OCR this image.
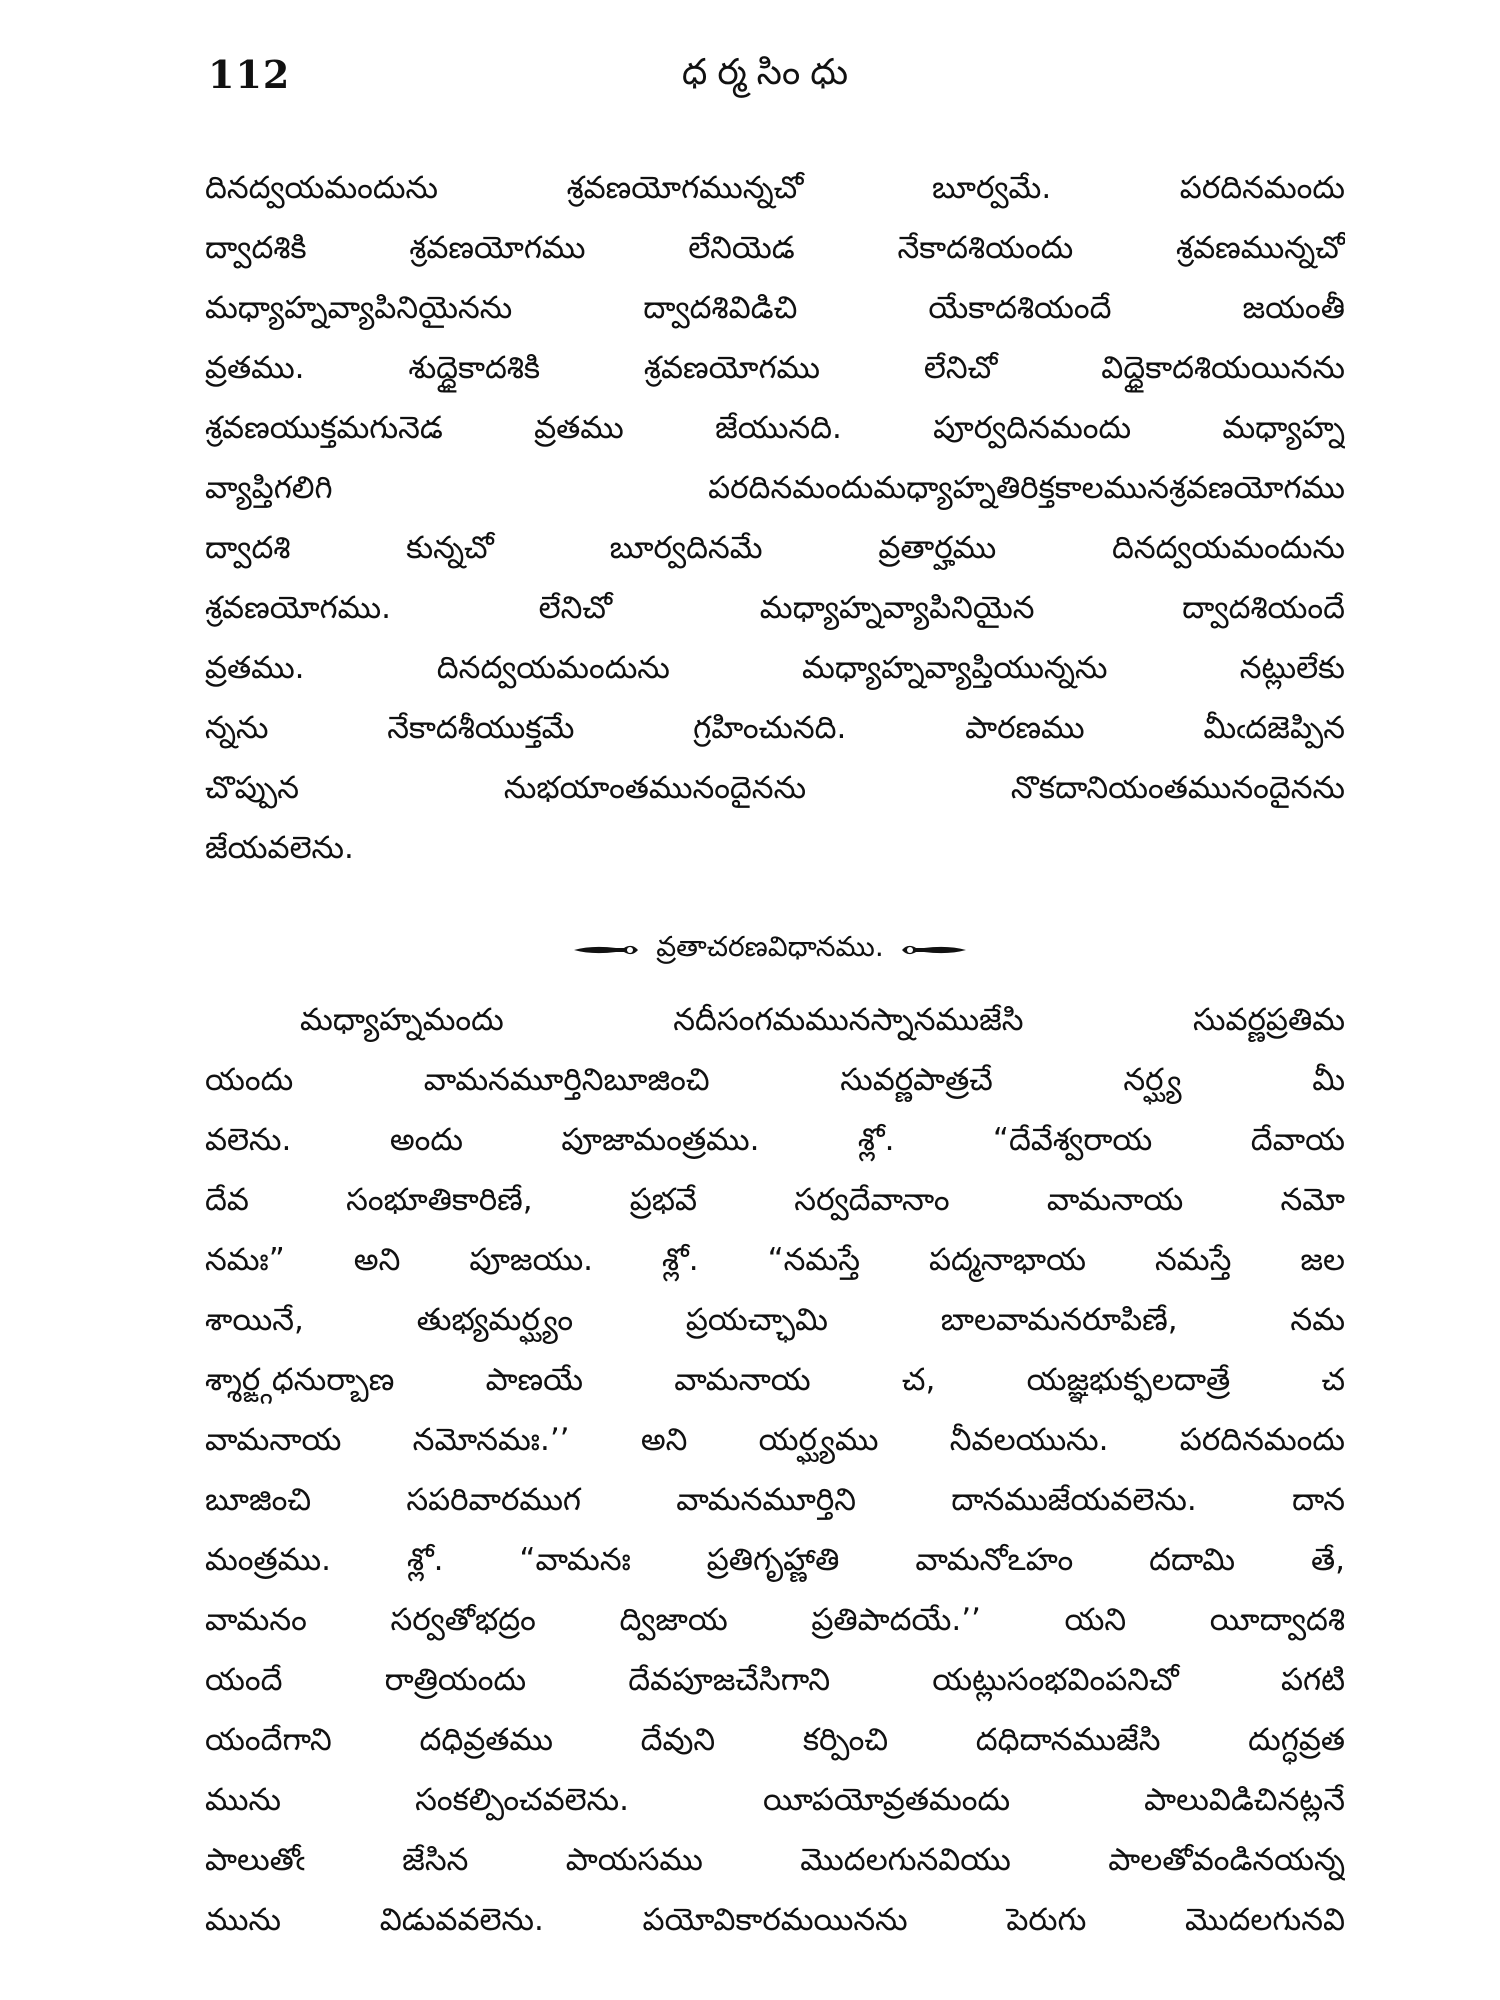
112	ధర్మసింధు
దినద్వయమందును శ్రవణయోగమున్నచో బూర్వమే. పరదినమందు
ద్వాదశికి శ్రవణయోగము లేనియెడ నేకాదశియందు శ్రవణమున్నచో
మధ్యాహ్నవ్యాపినియైనను ద్వాదశివిడిచి యేకాదశియందే జయంతీ
వ్రతము. శుద్ధైకాదశికి శ్రవణయోగము లేనిచో విద్ధైకాదశియయినను
శ్రవణయుక్తమగునెడ వ్రతము జేయునది. పూర్వదినమందు మధ్యాహ్న
వ్యాప్తిగలిగి పరదినమందుమధ్యాహ్నతిరిక్తకాలమునశ్రవణయోగము
ద్వాదశి కున్నచో బూర్వదినమే వ్రతార్హము దినద్వయమందును
శ్రవణయోగము. లేనిచో మధ్యాహ్నవ్యాపినియైన ద్వాదశియందే
వ్రతము. దినద్వయమందును మధ్యాహ్నవ్యాప్తియున్నను నట్లులేకు
న్నను నేకాదశీయుక్తమే గ్రహించునది. పారణము మీఁదజెప్పిన
చొప్పున నుభయాంతమునందైనను నొకదానియంతమునందైనను
జేయవలెను.
వ్రతాచరణవిధానము.
మధ్యాహ్నమందు నదీసంగమమునస్నానముజేసి సువర్ణప్రతిమ
యందు వామనమూర్తినిబూజించి సువర్ణపాత్రచే నర్ఘ్య మీ
వలెను. అందు పూజామంత్రము. శ్లో. “దేవేశ్వరాయ దేవాయ
దేవ సంభూతికారిణే, ప్రభవే సర్వదేవానాం వామనాయ నమో
నమః” అని పూజయు. శ్లో. “నమస్తే పద్మనాభాయ నమస్తే జల
శాయినే, తుభ్యమర్ఘ్యం ప్రయచ్ఛామి బాలవామనరూపిణే, నమ
శ్శార్ఙ్గధనుర్బాణ పాణయే వామనాయ చ, యజ్ఞభుక్ఫలదాత్రే చ
వామనాయ నమోనమః.’’ అని యర్ఘ్యము నీవలయును. పరదినమందు
బూజించి సపరివారముగ వామనమూర్తిని దానముజేయవలెను. దాన
మంత్రము. శ్లో. “వామనః ప్రతిగృహ్ణాతి వామనోఽహం దదామి తే,
వామనం సర్వతోభద్రం ద్విజాయ ప్రతిపాదయే.’’ యని యీద్వాదశి
యందే రాత్రియందు దేవపూజచేసిగాని యట్లుసంభవింపనిచో పగటి
యందేగాని దధివ్రతము దేవుని కర్పించి దధిదానముజేసి దుగ్ధవ్రత
మును సంకల్పించవలెను. యీపయోవ్రతమందు పాలువిడిచినట్లనే
పాలుతోఁ జేసిన పాయసము మొదలగునవియు పాలతోవండినయన్న
మును విడువవలెను. పయోవికారమయినను పెరుగు మొదలగునవి
